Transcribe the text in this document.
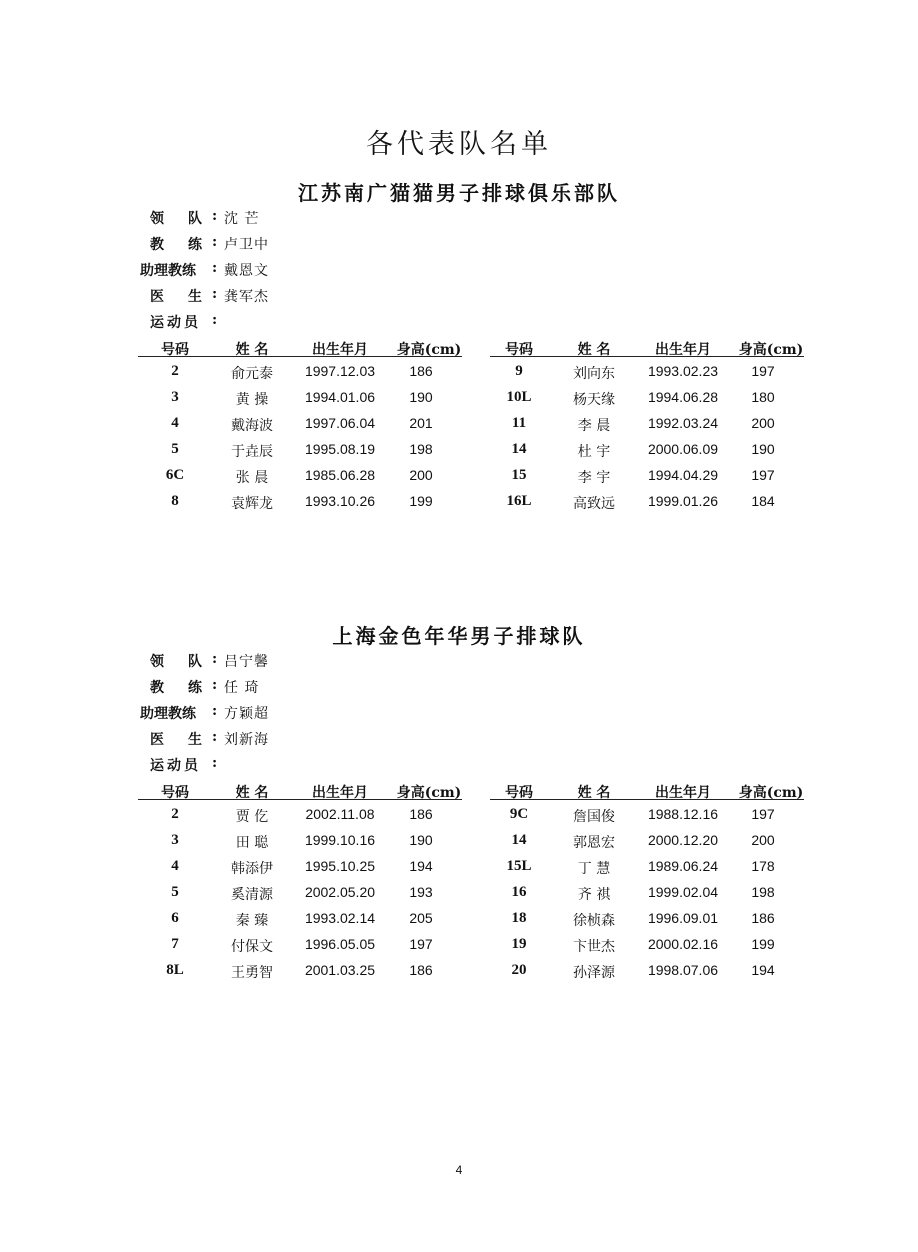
各代表队名单
江苏南广猫猫男子排球俱乐部队
领	队 : 沈 芒
教	练 : 卢卫中
助理教练 : 戴恩文
医	生 : 龚军杰
运动员 :
号码	姓 名	出生年月	身高(cm)
2	俞元泰	1997.12.03	186
3	黄 操	1994.01.06	190
4	戴海波	1997.06.04	201
5	于垚辰	1995.08.19	198
6C	张 晨	1985.06.28	200
8	袁辉龙	1993.10.26	199
号码	姓 名	出生年月	身高(cm)
9	刘向东	1993.02.23	197
10L	杨天缘	1994.06.28	180
11	李 晨	1992.03.24	200
14	杜 宇	2000.06.09	190
15	李 宇	1994.04.29	197
16L	高致远	1999.01.26	184
上海金色年华男子排球队
领	队 : 吕宁馨
教	练 : 任 琦
助理教练 : 方颖超
医	生 : 刘新海
运动员 :
号码	姓 名	出生年月	身高(cm)
2	贾 仡	2002.11.08	186
3	田 聪	1999.10.16	190
4	韩添伊	1995.10.25	194
5	奚清源	2002.05.20	193
6	秦 臻	1993.02.14	205
7	付保文	1996.05.05	197
8L	王勇智	2001.03.25	186
号码	姓 名	出生年月	身高(cm)
9C	詹国俊	1988.12.16	197
14	郭恩宏	2000.12.20	200
15L	丁 慧	1989.06.24	178
16	齐 祺	1999.02.04	198
18	徐桢森	1996.09.01	186
19	卞世杰	2000.02.16	199
20	孙泽源	1998.07.06	194
4
